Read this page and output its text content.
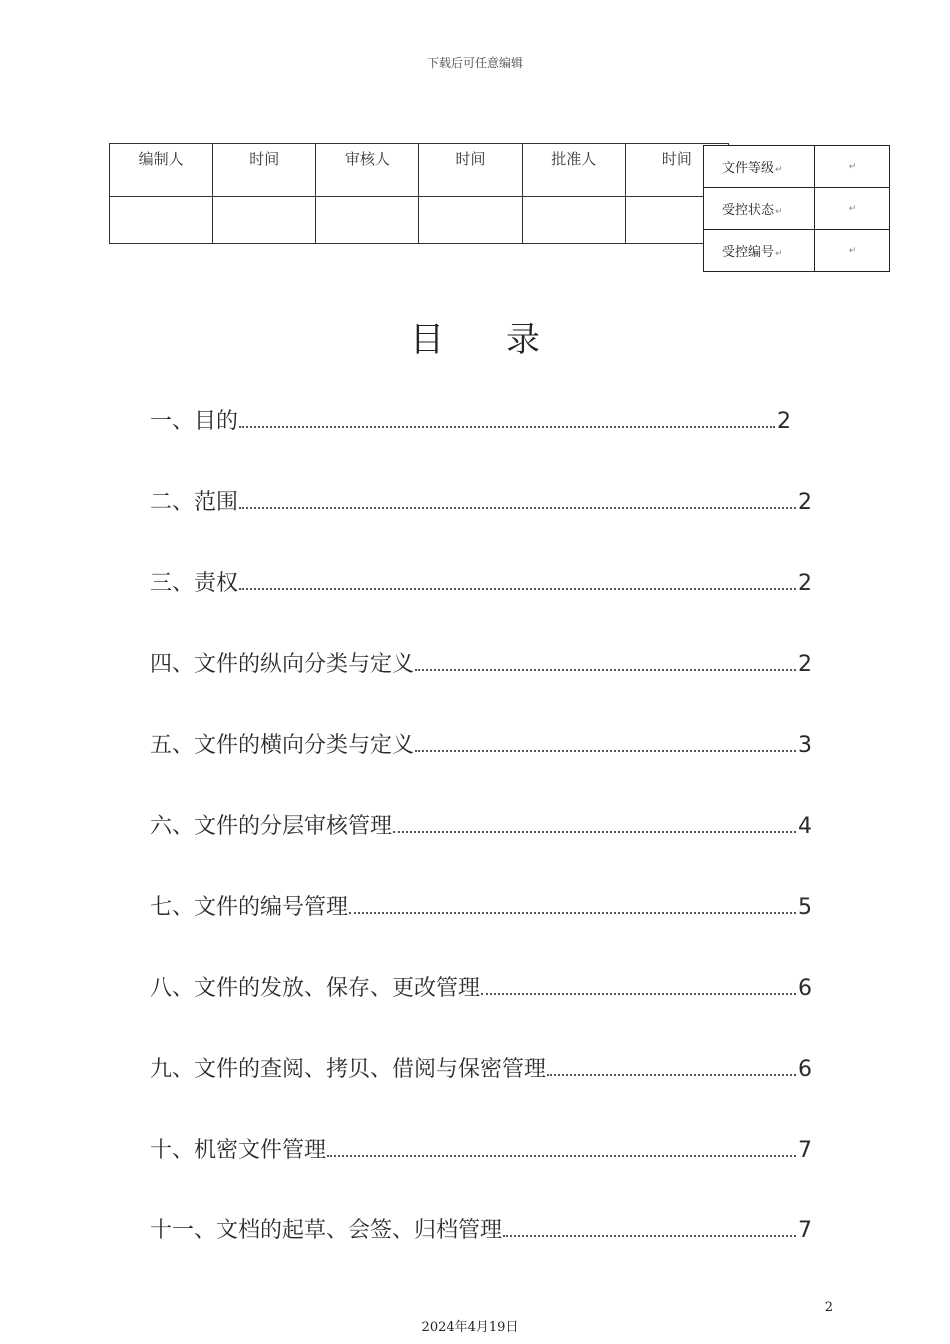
下载后可任意编辑
编制人	时间	审核人	时间	批准人	时间

文件等级↵	↵
受控状态↵	↵
受控编号↵	↵
目录
一、目的	2
二、范围	2
三、责权	2
四、文件的纵向分类与定义	2
五、文件的横向分类与定义	3
六、文件的分层审核管理	4
七、文件的编号管理	5
八、文件的发放、保存、更改管理	6
九、文件的查阅、拷贝、借阅与保密管理	6
十、机密文件管理	7
十一、文档的起草、会签、归档管理	7
2
2024年4月19日
